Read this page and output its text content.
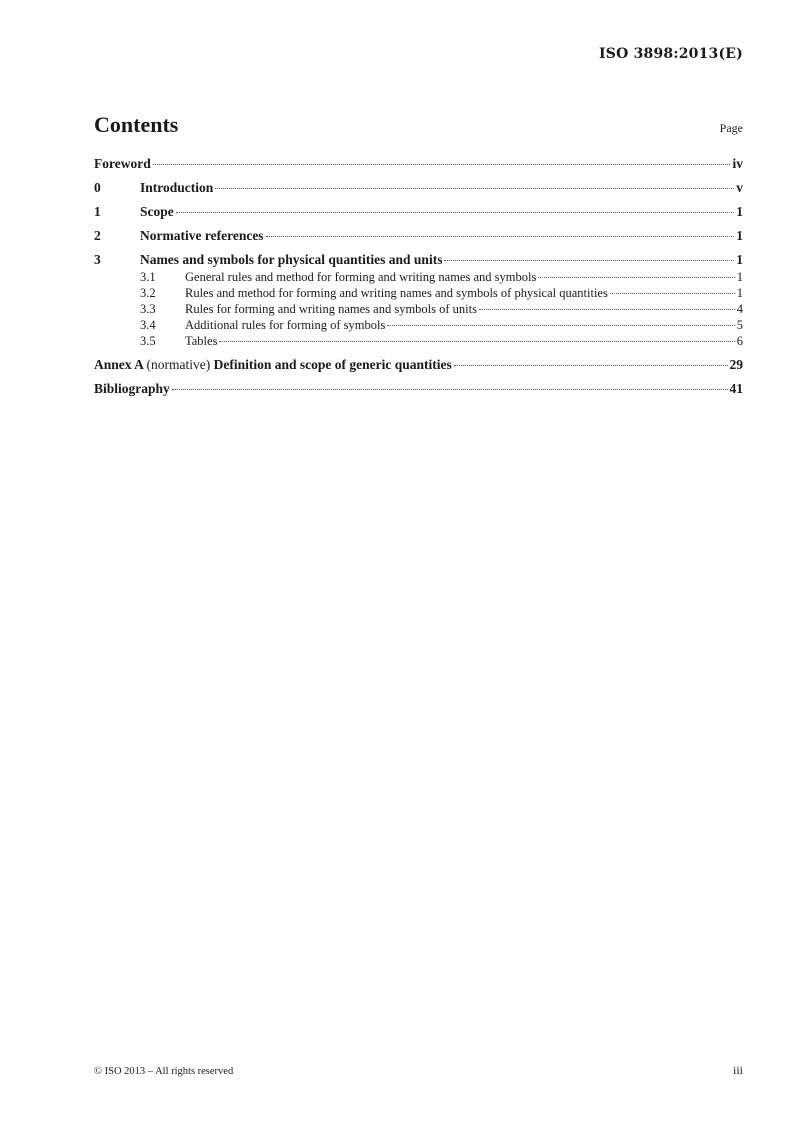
ISO 3898:2013(E)
Contents	Page
Foreword	iv
0	Introduction	v
1	Scope	1
2	Normative references	1
3	Names and symbols for physical quantities and units	1
3.1	General rules and method for forming and writing names and symbols	1
3.2	Rules and method for forming and writing names and symbols of physical quantities	1
3.3	Rules for forming and writing names and symbols of units	4
3.4	Additional rules for forming of symbols	5
3.5	Tables	6
Annex A (normative) Definition and scope of generic quantities	29
Bibliography	41
© ISO 2013 – All rights reserved	iii
